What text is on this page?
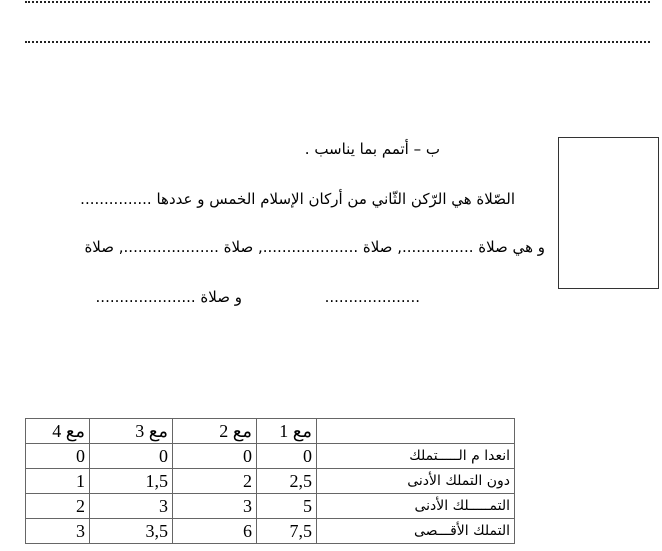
ب – أتمم بما يناسب .
الصّلاة هي الرّكن الثّاني من أركان الإسلام الخمس و عددها ...............
و هي صلاة ..............., صلاة ...................., صلاة ...................., صلاة
....................
و صلاة .....................
مع 4	مع 3	مع 2	مع 1	
0	0	0	0	انعدا م الـــــتملك
1	1,5	2	2,5	دون التملك الأدنى
2	3	3	5	التمـــــلك الأدنى
3	3,5	6	7,5	التملك الأقـــصى
